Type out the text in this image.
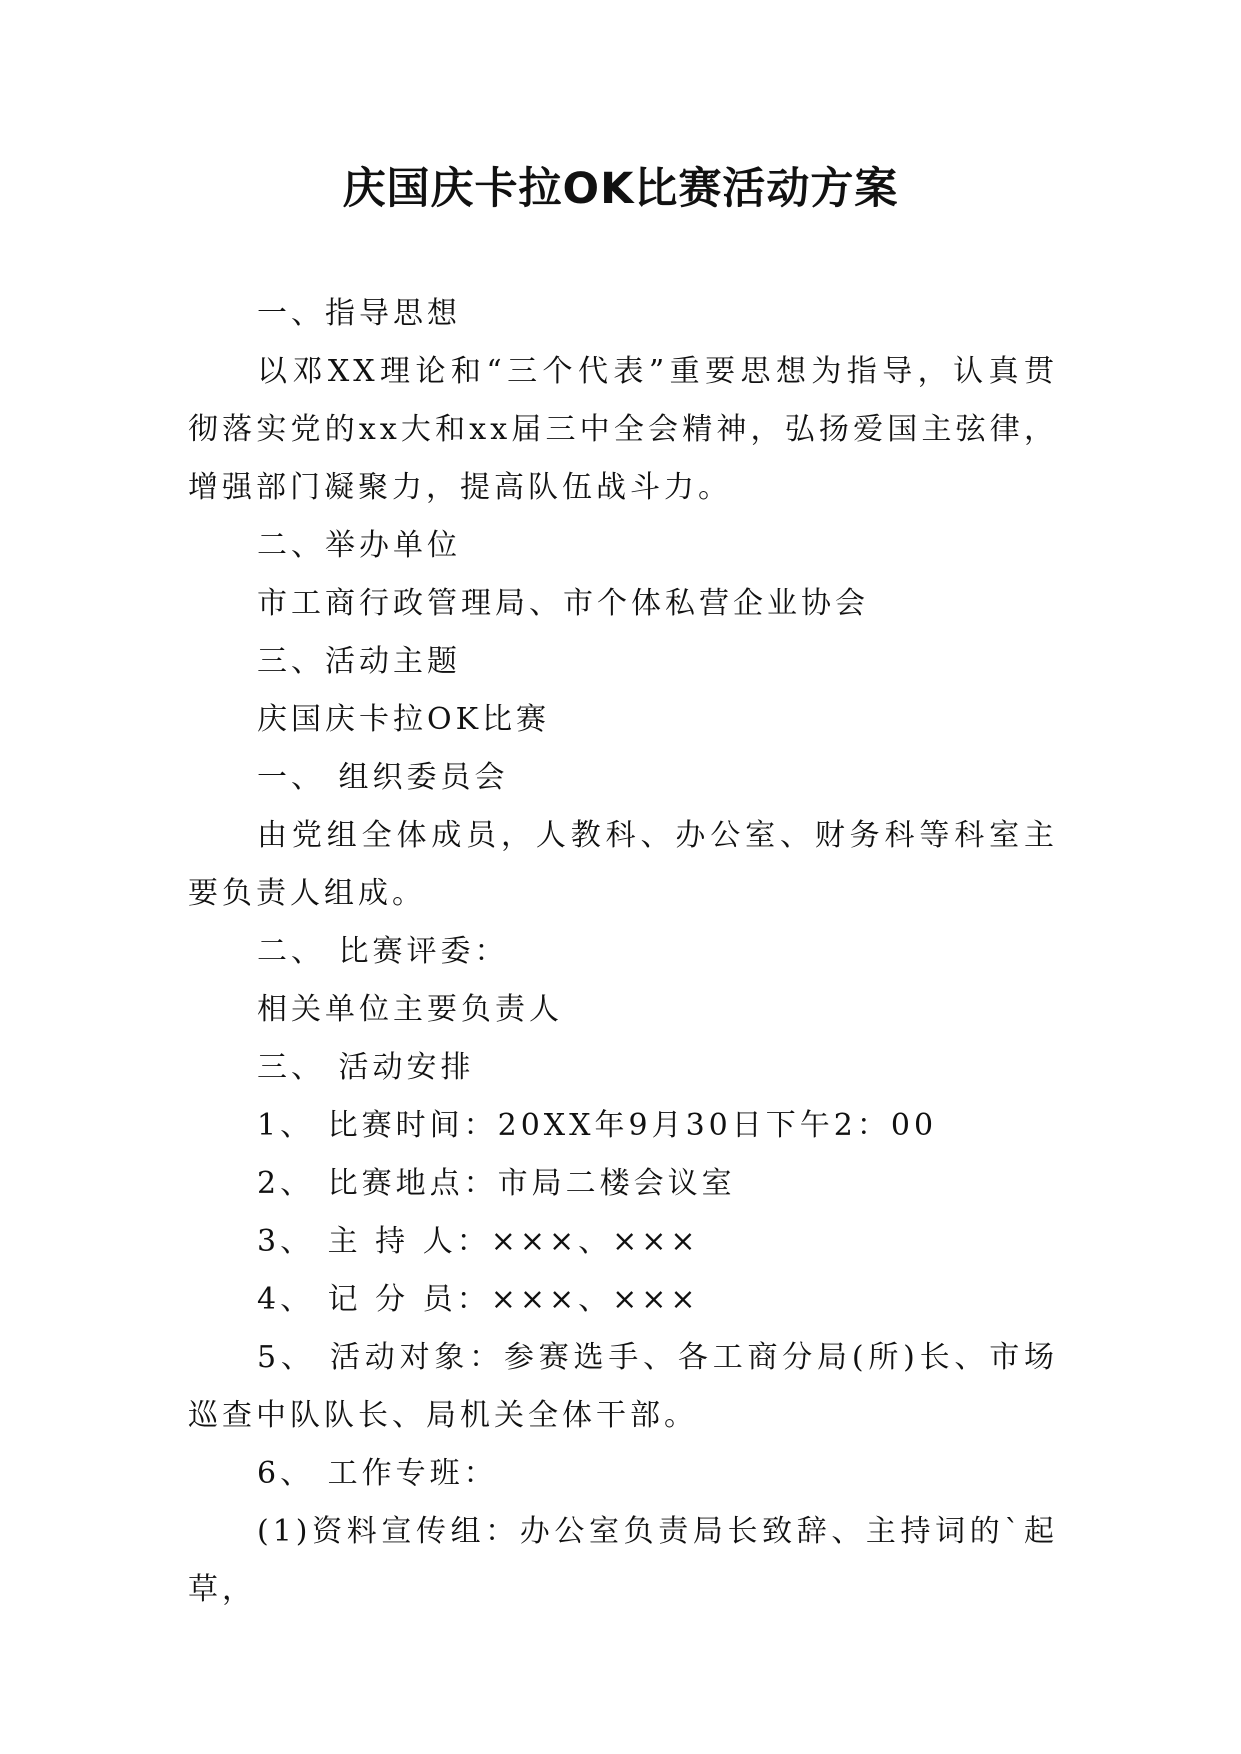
庆国庆卡拉OK比赛活动方案

一、指导思想

以邓XX理论和“三个代表”重要思想为指导，认真贯彻落实党的xx大和xx届三中全会精神，弘扬爱国主弦律，增强部门凝聚力，提高队伍战斗力。

二、举办单位

市工商行政管理局、市个体私营企业协会

三、活动主题

庆国庆卡拉OK比赛

一、 组织委员会

由党组全体成员，人教科、办公室、财务科等科室主要负责人组成。

二、 比赛评委：

相关单位主要负责人

三、 活动安排

1、 比赛时间：20XX年9月30日下午2：00

2、 比赛地点：市局二楼会议室

3、 主 持 人：×××、×××

4、 记 分 员：×××、×××

5、 活动对象：参赛选手、各工商分局(所)长、市场巡查中队队长、局机关全体干部。

6、 工作专班：

(1)资料宣传组：办公室负责局长致辞、主持词的`起草，
